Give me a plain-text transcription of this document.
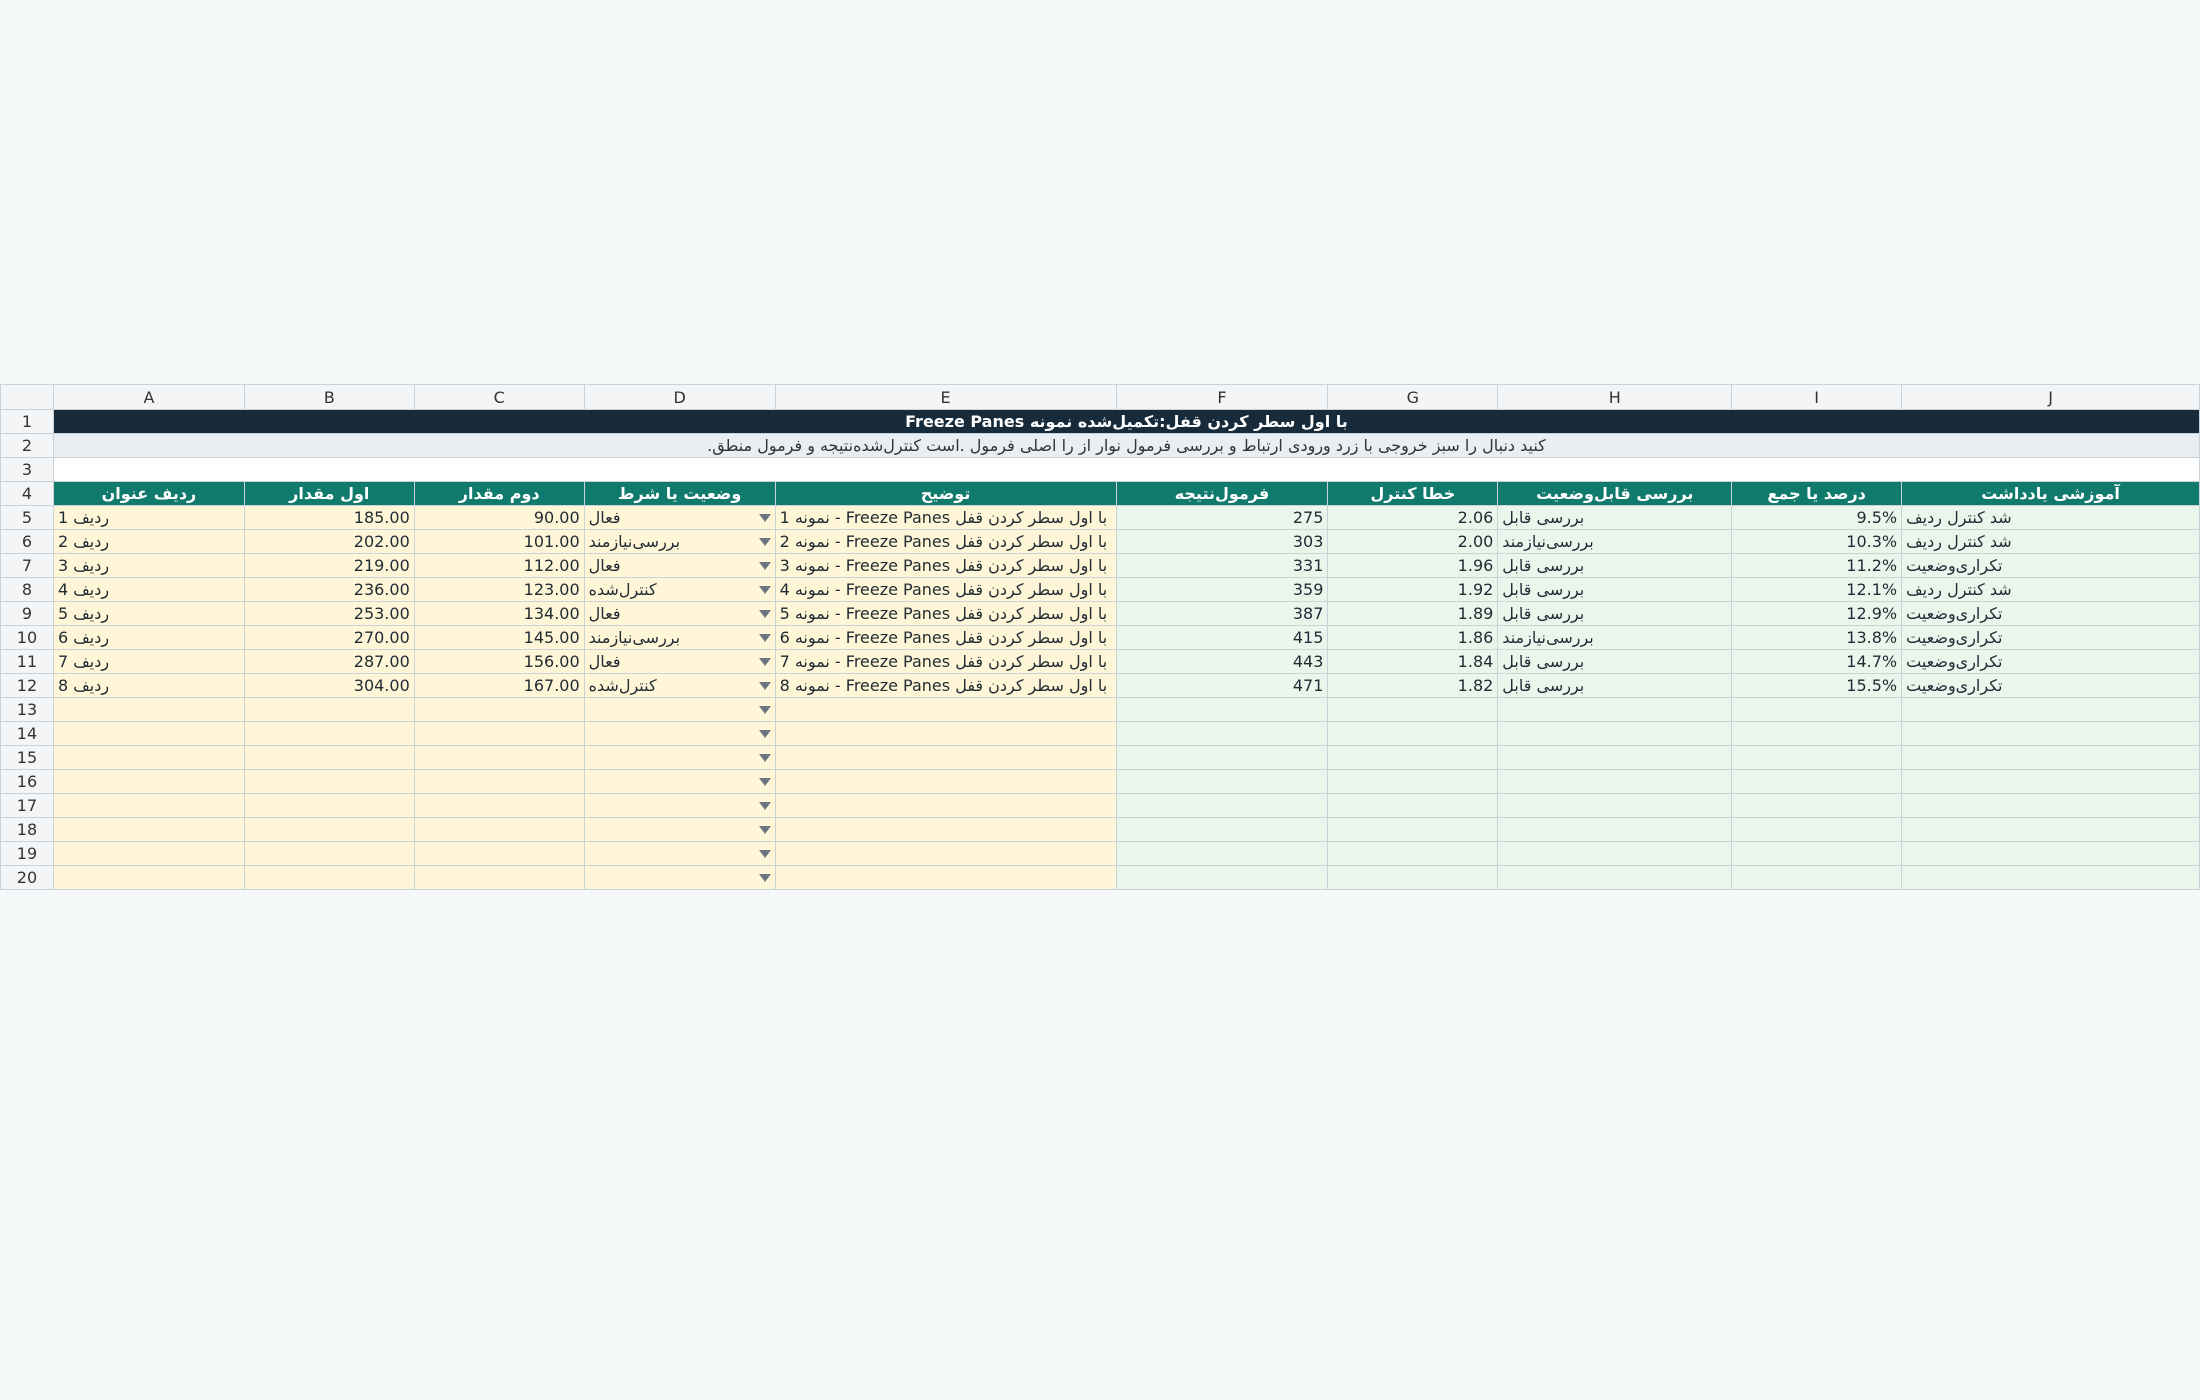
	A	B	C	D	E	F	G	H	I	J
1	Freeze Panes با اول سطر کردن قفل:تکمیل‌شده نمونه									
2	.کنید دنبال را سبز خروجی با زرد ورودی ارتباط و بررسی فرمول نوار از را اصلی فرمول .است کنترل‌شده‌نتیجه و فرمول منطق									
3										
4	ردیف عنوان	اول مقدار	دوم مقدار	وضعیت یا شرط	توضیح	فرمول‌نتیجه	خطا کنترل	بررسی قابل‌وضعیت	درصد یا جمع	آموزشی یادداشت
5	1 ردیف	185.00	90.00	فعال	1 نمونه - Freeze Panes با اول سطر کردن قفل	275	2.06	بررسی قابل	9.5%	شد کنترل ردیف
6	2 ردیف	202.00	101.00	بررسی‌نیازمند	2 نمونه - Freeze Panes با اول سطر کردن قفل	303	2.00	بررسی‌نیازمند	10.3%	شد کنترل ردیف
7	3 ردیف	219.00	112.00	فعال	3 نمونه - Freeze Panes با اول سطر کردن قفل	331	1.96	بررسی قابل	11.2%	تکراری‌وضعیت
8	4 ردیف	236.00	123.00	کنترل‌شده	4 نمونه - Freeze Panes با اول سطر کردن قفل	359	1.92	بررسی قابل	12.1%	شد کنترل ردیف
9	5 ردیف	253.00	134.00	فعال	5 نمونه - Freeze Panes با اول سطر کردن قفل	387	1.89	بررسی قابل	12.9%	تکراری‌وضعیت
10	6 ردیف	270.00	145.00	بررسی‌نیازمند	6 نمونه - Freeze Panes با اول سطر کردن قفل	415	1.86	بررسی‌نیازمند	13.8%	تکراری‌وضعیت
11	7 ردیف	287.00	156.00	فعال	7 نمونه - Freeze Panes با اول سطر کردن قفل	443	1.84	بررسی قابل	14.7%	تکراری‌وضعیت
12	8 ردیف	304.00	167.00	کنترل‌شده	8 نمونه - Freeze Panes با اول سطر کردن قفل	471	1.82	بررسی قابل	15.5%	تکراری‌وضعیت
13				

14				

15				

16				

17				

18				

19				

20				
